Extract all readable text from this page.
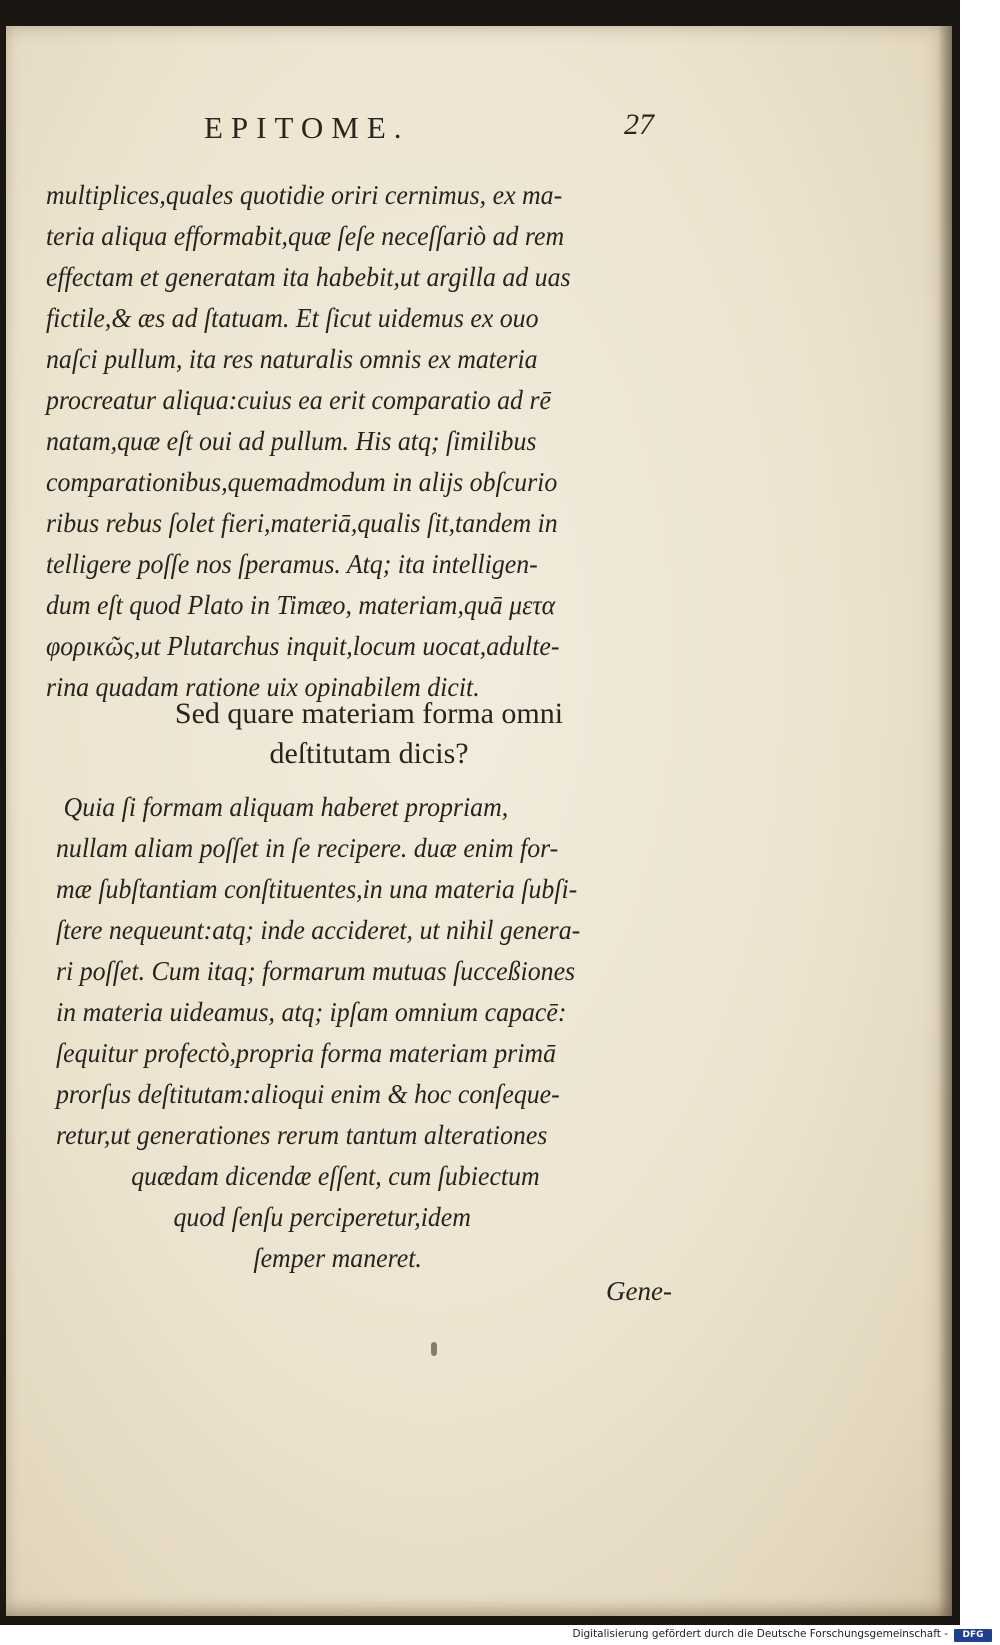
EPITOME.	27
multiplices,quales quotidie oriri cernimus, ex ma-
teria aliqua efformabit,quæ ſeſe neceſſariò ad rem
effectam et generatam ita habebit,ut argilla ad uas
fictile,& æs ad ſtatuam. Et ſicut uidemus ex ouo
naſci pullum, ita res naturalis omnis ex materia
procreatur aliqua:cuius ea erit comparatio ad rē
natam,quæ eſt oui ad pullum. His atq; ſimilibus
comparationibus,quemadmodum in alijs obſcurio
ribus rebus ſolet fieri,materiā,qualis ſit,tandem in
telligere poſſe nos ſperamus. Atq; ita intelligen-
dum eſt quod Plato in Timæo, materiam,quā μετα
φορικῶς,ut Plutarchus inquit,locum uocat,adulte-
rina quadam ratione uix opinabilem dicit.
Sed quare materiam forma omni
deſtitutam dicis?
Quia ſi formam aliquam haberet propriam,
nullam aliam poſſet in ſe recipere. duæ enim for-
mæ ſubſtantiam conſtituentes,in una materia ſubſi-
ſtere nequeunt:atq; inde accideret, ut nihil genera-
ri poſſet. Cum itaq; formarum mutuas ſucceßiones
in materia uideamus, atq; ipſam omnium capacē:
ſequitur profectò,propria forma materiam primā
prorſus deſtitutam:alioqui enim & hoc conſeque-
retur,ut generationes rerum tantum alterationes
quædam dicendæ eſſent, cum ſubiectum
quod ſenſu perciperetur,idem
ſemper maneret.
Gene-
Digitalisierung gefördert durch die Deutsche Forschungsgemeinschaft -	DFG
